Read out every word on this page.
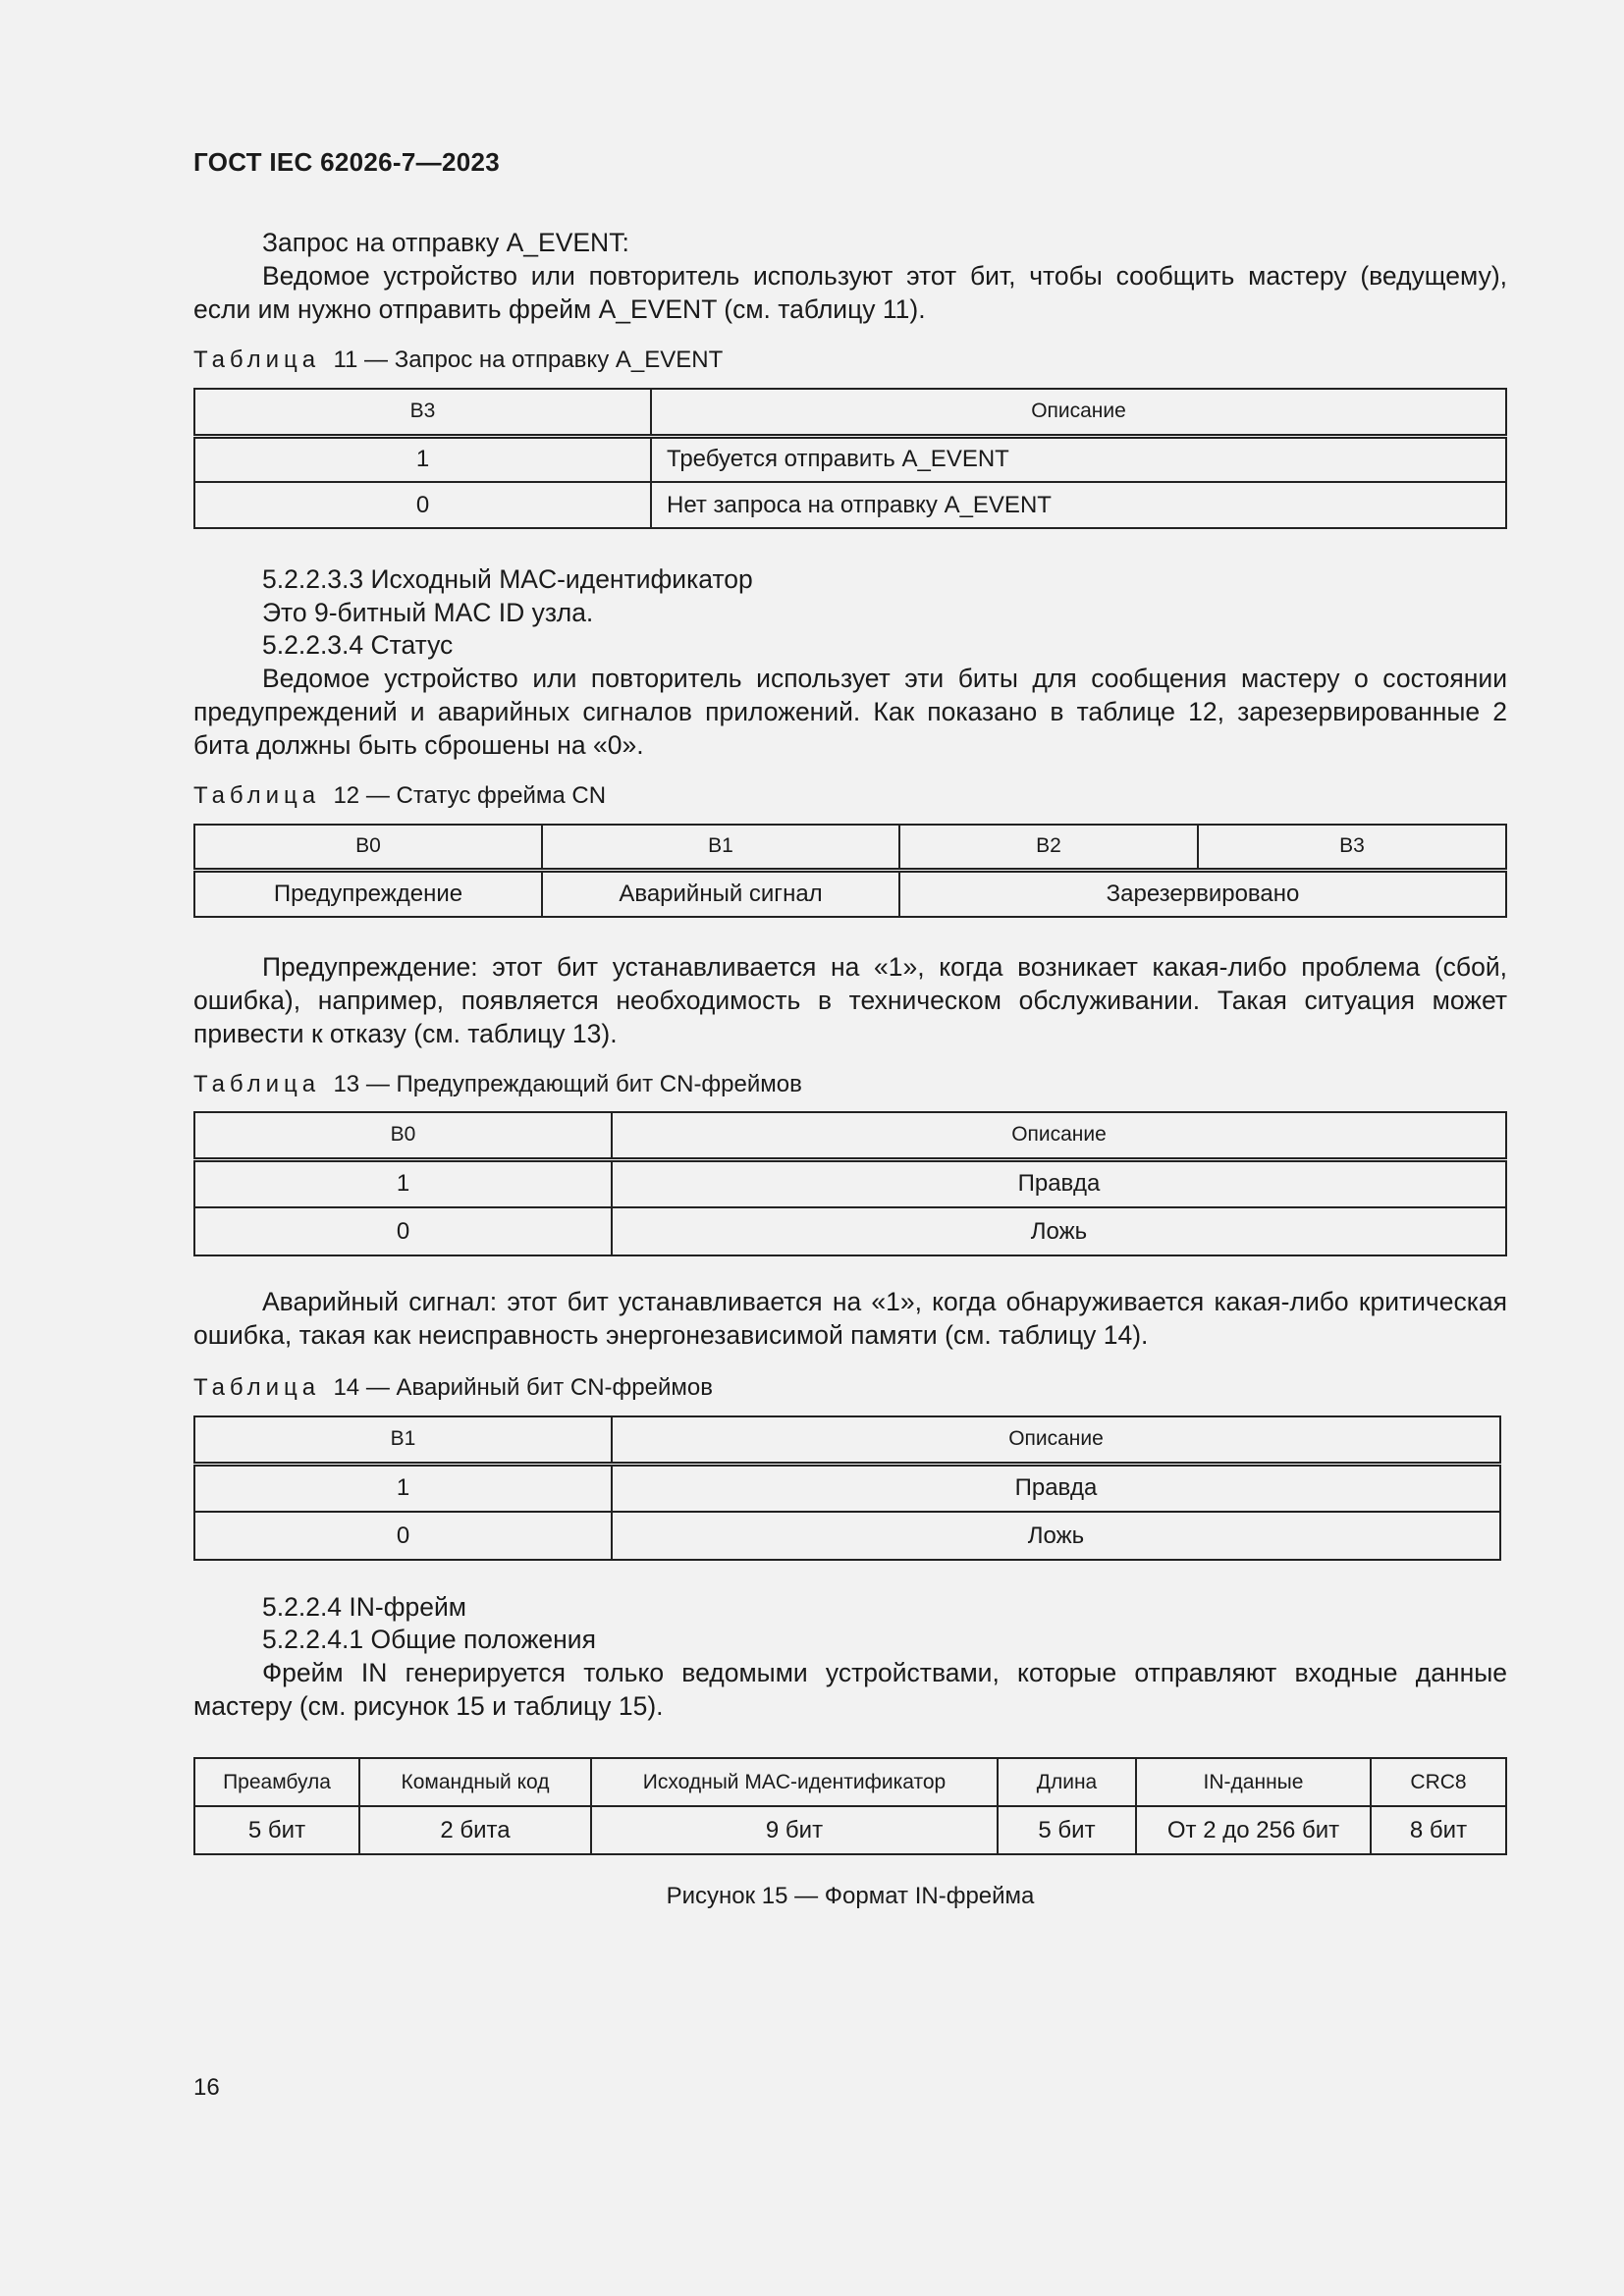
ГОСТ IEC 62026-7—2023
Запрос на отправку A_EVENT:
Ведомое устройство или повторитель используют этот бит, чтобы сообщить мастеру (ведущему), если им нужно отправить фрейм A_EVENT (см. таблицу 11).
Таблица 11 — Запрос на отправку A_EVENT
B3	Описание
1	Требуется отправить A_EVENT
0	Нет запроса на отправку A_EVENT
5.2.2.3.3 Исходный MAC-идентификатор
Это 9-битный MAC ID узла.
5.2.2.3.4 Статус
Ведомое устройство или повторитель использует эти биты для сообщения мастеру о состоянии предупреждений и аварийных сигналов приложений. Как показано в таблице 12, зарезервированные 2 бита должны быть сброшены на «0».
Таблица 12 — Статус фрейма CN
B0	B1	B2	B3
Предупреждение	Аварийный сигнал	Зарезервировано	
Предупреждение: этот бит устанавливается на «1», когда возникает какая-либо проблема (сбой, ошибка), например, появляется необходимость в техническом обслуживании. Такая ситуация может привести к отказу (см. таблицу 13).
Таблица 13 — Предупреждающий бит CN-фреймов
B0	Описание
1	Правда
0	Ложь
Аварийный сигнал: этот бит устанавливается на «1», когда обнаруживается какая-либо критическая ошибка, такая как неисправность энергонезависимой памяти (см. таблицу 14).
Таблица 14 — Аварийный бит CN-фреймов
B1	Описание
1	Правда
0	Ложь
5.2.2.4 IN-фрейм
5.2.2.4.1 Общие положения
Фрейм IN генерируется только ведомыми устройствами, которые отправляют входные данные мастеру (см. рисунок 15 и таблицу 15).
Преамбула	Командный код	Исходный MAC-идентификатор	Длина	IN-данные	CRC8
5 бит	2 бита	9 бит	5 бит	От 2 до 256 бит	8 бит
Рисунок 15 — Формат IN-фрейма
16
